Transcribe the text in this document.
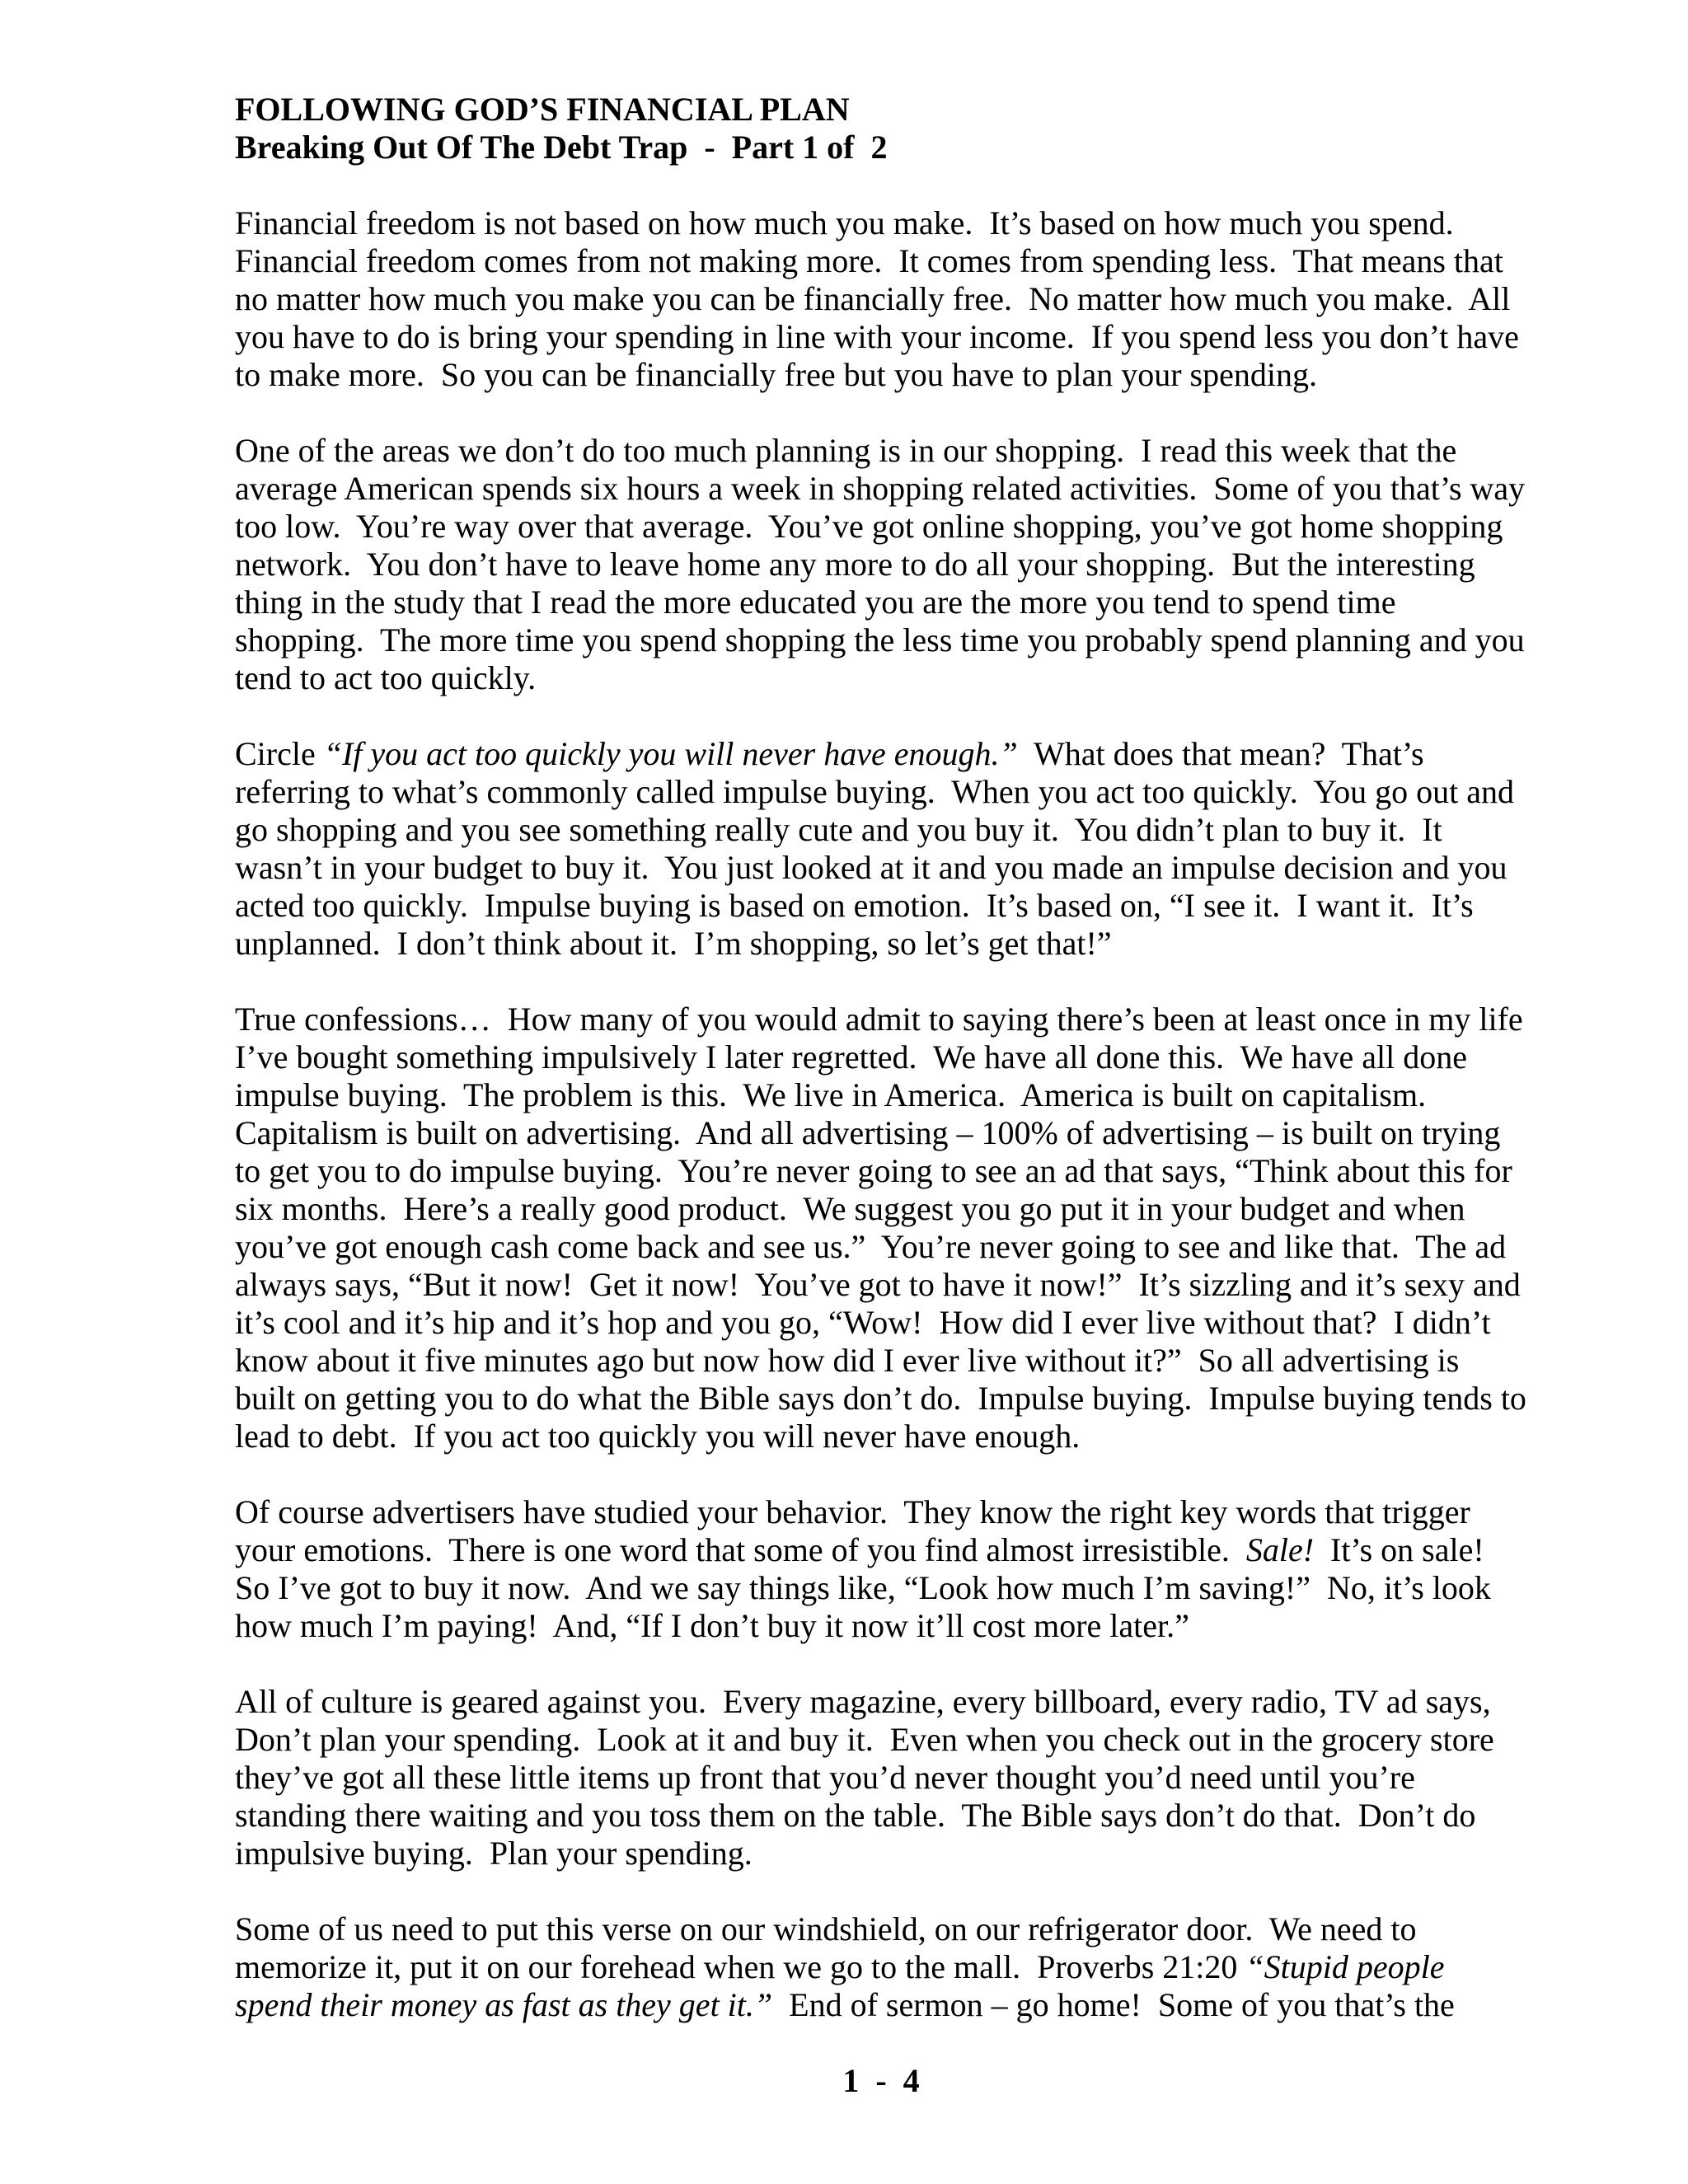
FOLLOWING GOD’S FINANCIAL PLAN
Breaking Out Of The Debt Trap  -  Part 1 of  2

Financial freedom is not based on how much you make.  It’s based on how much you spend.  Financial freedom comes from not making more.  It comes from spending less.  That means that no matter how much you make you can be financially free.  No matter how much you make.  All you have to do is bring your spending in line with your income.  If you spend less you don’t have to make more.  So you can be financially free but you have to plan your spending.

One of the areas we don’t do too much planning is in our shopping.  I read this week that the average American spends six hours a week in shopping related activities.  Some of you that’s way too low.  You’re way over that average.  You’ve got online shopping, you’ve got home shopping network.  You don’t have to leave home any more to do all your shopping.  But the interesting thing in the study that I read the more educated you are the more you tend to spend time shopping.  The more time you spend shopping the less time you probably spend planning and you tend to act too quickly.

Circle “If you act too quickly you will never have enough.”  What does that mean?  That’s referring to what’s commonly called impulse buying.  When you act too quickly.  You go out and go shopping and you see something really cute and you buy it.  You didn’t plan to buy it.  It wasn’t in your budget to buy it.  You just looked at it and you made an impulse decision and you acted too quickly.  Impulse buying is based on emotion.  It’s based on, “I see it.  I want it.  It’s unplanned.  I don’t think about it.  I’m shopping, so let’s get that!”

True confessions…  How many of you would admit to saying there’s been at least once in my life I’ve bought something impulsively I later regretted.  We have all done this.  We have all done impulse buying.  The problem is this.  We live in America.  America is built on capitalism.  Capitalism is built on advertising.  And all advertising – 100% of advertising – is built on trying to get you to do impulse buying.  You’re never going to see an ad that says, “Think about this for six months.  Here’s a really good product.  We suggest you go put it in your budget and when you’ve got enough cash come back and see us.”  You’re never going to see and like that.  The ad always says, “But it now!  Get it now!  You’ve got to have it now!”  It’s sizzling and it’s sexy and it’s cool and it’s hip and it’s hop and you go, “Wow!  How did I ever live without that?  I didn’t know about it five minutes ago but now how did I ever live without it?”  So all advertising is built on getting you to do what the Bible says don’t do.  Impulse buying.  Impulse buying tends to lead to debt.  If you act too quickly you will never have enough.

Of course advertisers have studied your behavior.  They know the right key words that trigger your emotions.  There is one word that some of you find almost irresistible.  Sale!  It’s on sale!  So I’ve got to buy it now.  And we say things like, “Look how much I’m saving!”  No, it’s look how much I’m paying!  And, “If I don’t buy it now it’ll cost more later.”

All of culture is geared against you.  Every magazine, every billboard, every radio, TV ad says, Don’t plan your spending.  Look at it and buy it.  Even when you check out in the grocery store they’ve got all these little items up front that you’d never thought you’d need until you’re standing there waiting and you toss them on the table.  The Bible says don’t do that.  Don’t do impulsive buying.  Plan your spending.

Some of us need to put this verse on our windshield, on our refrigerator door.  We need to memorize it, put it on our forehead when we go to the mall.  Proverbs 21:20 “Stupid people spend their money as fast as they get it.”  End of sermon – go home!  Some of you that’s the

1  -  4
